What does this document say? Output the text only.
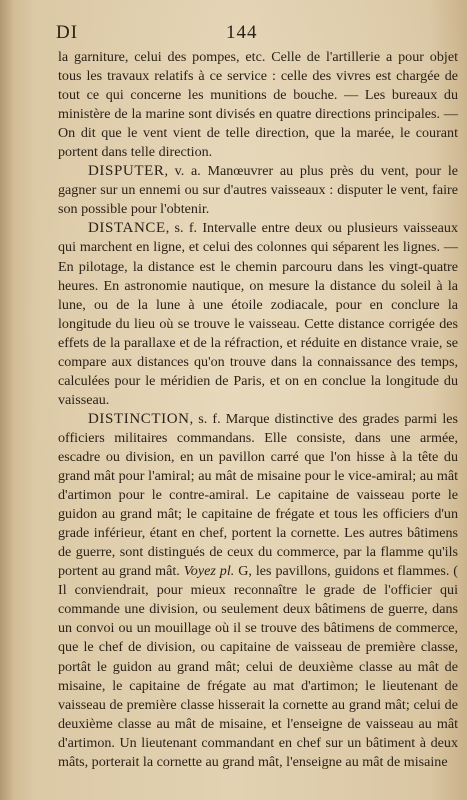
DI	144

la garniture, celui des pompes, etc. Celle de l'artillerie a pour objet tous les travaux relatifs à ce service : celle des vivres est chargée de tout ce qui concerne les munitions de bouche. — Les bureaux du ministère de la marine sont divisés en quatre directions principales. — On dit que le vent vient de telle direction, que la marée, le courant portent dans telle direction.

DISPUTER, v. a. Manœuvrer au plus près du vent, pour le gagner sur un ennemi ou sur d'autres vaisseaux : disputer le vent, faire son possible pour l'obtenir.

DISTANCE, s. f. Intervalle entre deux ou plusieurs vaisseaux qui marchent en ligne, et celui des colonnes qui séparent les lignes. — En pilotage, la distance est le chemin parcouru dans les vingt-quatre heures. En astronomie nautique, on mesure la distance du soleil à la lune, ou de la lune à une étoile zodiacale, pour en conclure la longitude du lieu où se trouve le vaisseau. Cette distance corrigée des effets de la parallaxe et de la réfraction, et réduite en distance vraie, se compare aux distances qu'on trouve dans la connaissance des temps, calculées pour le méridien de Paris, et on en conclue la longitude du vaisseau.

DISTINCTION, s. f. Marque distinctive des grades parmi les officiers militaires commandans. Elle consiste, dans une armée, escadre ou division, en un pavillon carré que l'on hisse à la tête du grand mât pour l'amiral; au mât de misaine pour le vice-amiral; au mât d'artimon pour le contre-amiral. Le capitaine de vaisseau porte le guidon au grand mât; le capitaine de frégate et tous les officiers d'un grade inférieur, étant en chef, portent la cornette. Les autres bâtimens de guerre, sont distingués de ceux du commerce, par la flamme qu'ils portent au grand mât. Voyez pl. G, les pavillons, guidons et flammes. ( Il conviendrait, pour mieux reconnaître le grade de l'officier qui commande une division, ou seulement deux bâtimens de guerre, dans un convoi ou un mouillage où il se trouve des bâtimens de commerce, que le chef de division, ou capitaine de vaisseau de première classe, portât le guidon au grand mât; celui de deuxième classe au mât de misaine, le capitaine de frégate au mat d'artimon; le lieutenant de vaisseau de première classe hisserait la cornette au grand mât; celui de deuxième classe au mât de misaine, et l'enseigne de vaisseau au mât d'artimon. Un lieutenant commandant en chef sur un bâtiment à deux mâts, porterait la cornette au grand mât, l'enseigne au mât de misaine
